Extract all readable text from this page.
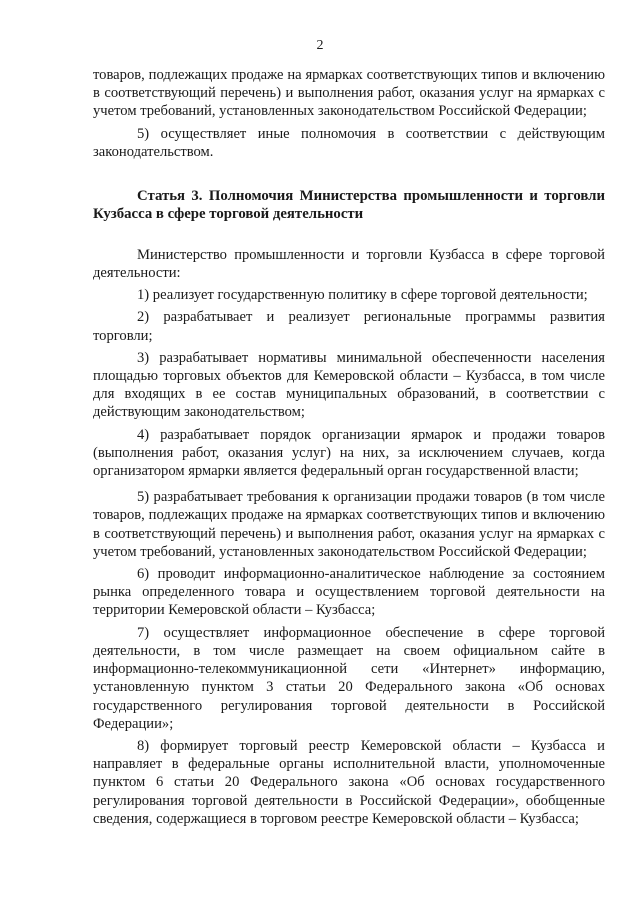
2

товаров, подлежащих продаже на ярмарках соответствующих типов и включению в соответствующий перечень) и выполнения работ, оказания услуг на ярмарках с учетом требований, установленных законодательством Российской Федерации;

5) осуществляет иные полномочия в соответствии с действующим законодательством.

Статья 3. Полномочия Министерства промышленности и торговли Кузбасса в сфере торговой деятельности

Министерство промышленности и торговли Кузбасса в сфере торговой деятельности:

1) реализует государственную политику в сфере торговой деятельности;

2) разрабатывает и реализует региональные программы развития торговли;

3) разрабатывает нормативы минимальной обеспеченности населения площадью торговых объектов для Кемеровской области – Кузбасса, в том числе для входящих в ее состав муниципальных образований, в соответствии с действующим законодательством;

4) разрабатывает порядок организации ярмарок и продажи товаров (выполнения работ, оказания услуг) на них, за исключением случаев, когда организатором ярмарки является федеральный орган государственной власти;

5) разрабатывает требования к организации продажи товаров (в том числе товаров, подлежащих продаже на ярмарках соответствующих типов и включению в соответствующий перечень) и выполнения работ, оказания услуг на ярмарках с учетом требований, установленных законодательством Российской Федерации;

6) проводит информационно-аналитическое наблюдение за состоянием рынка определенного товара и осуществлением торговой деятельности на территории Кемеровской области – Кузбасса;

7) осуществляет информационное обеспечение в сфере торговой деятельности, в том числе размещает на своем официальном сайте в информационно-телекоммуникационной сети «Интернет» информацию, установленную пунктом 3 статьи 20 Федерального закона «Об основах государственного регулирования торговой деятельности в Российской Федерации»;

8) формирует торговый реестр Кемеровской области – Кузбасса и направляет в федеральные органы исполнительной власти, уполномоченные пунктом 6 статьи 20 Федерального закона «Об основах государственного регулирования торговой деятельности в Российской Федерации», обобщенные сведения, содержащиеся в торговом реестре Кемеровской области – Кузбасса;
